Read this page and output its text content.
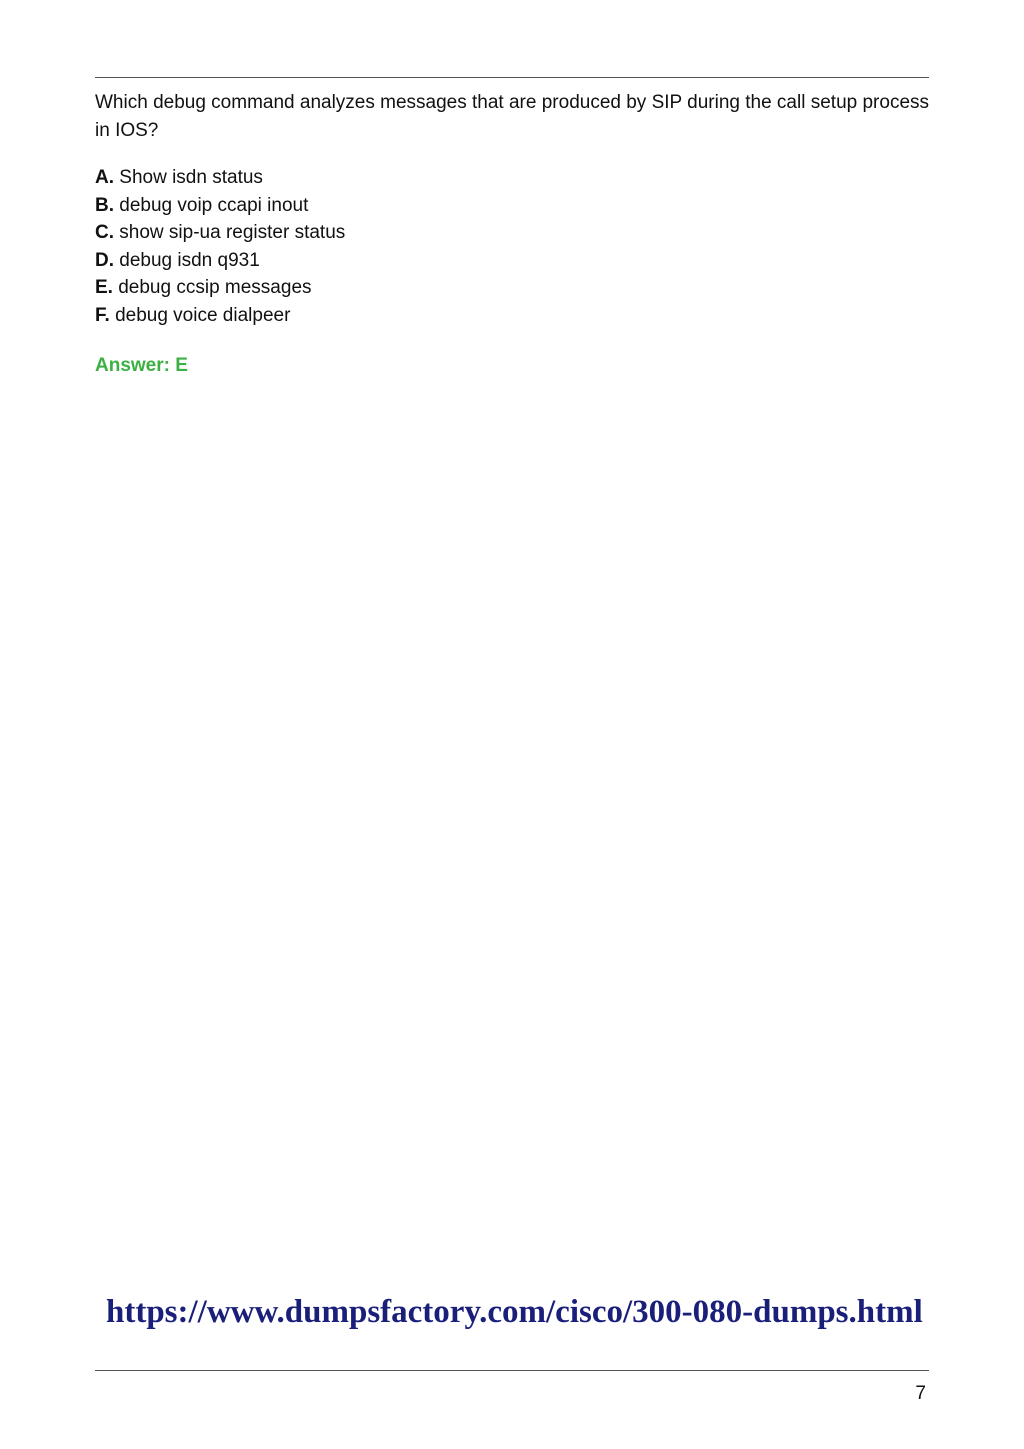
Which debug command analyzes messages that are produced by SIP during the call setup process in IOS?

A. Show isdn status
B. debug voip ccapi inout
C. show sip-ua register status
D. debug isdn q931
E. debug ccsip messages
F. debug voice dialpeer

Answer: E

https://www.dumpsfactory.com/cisco/300-080-dumps.html

7
